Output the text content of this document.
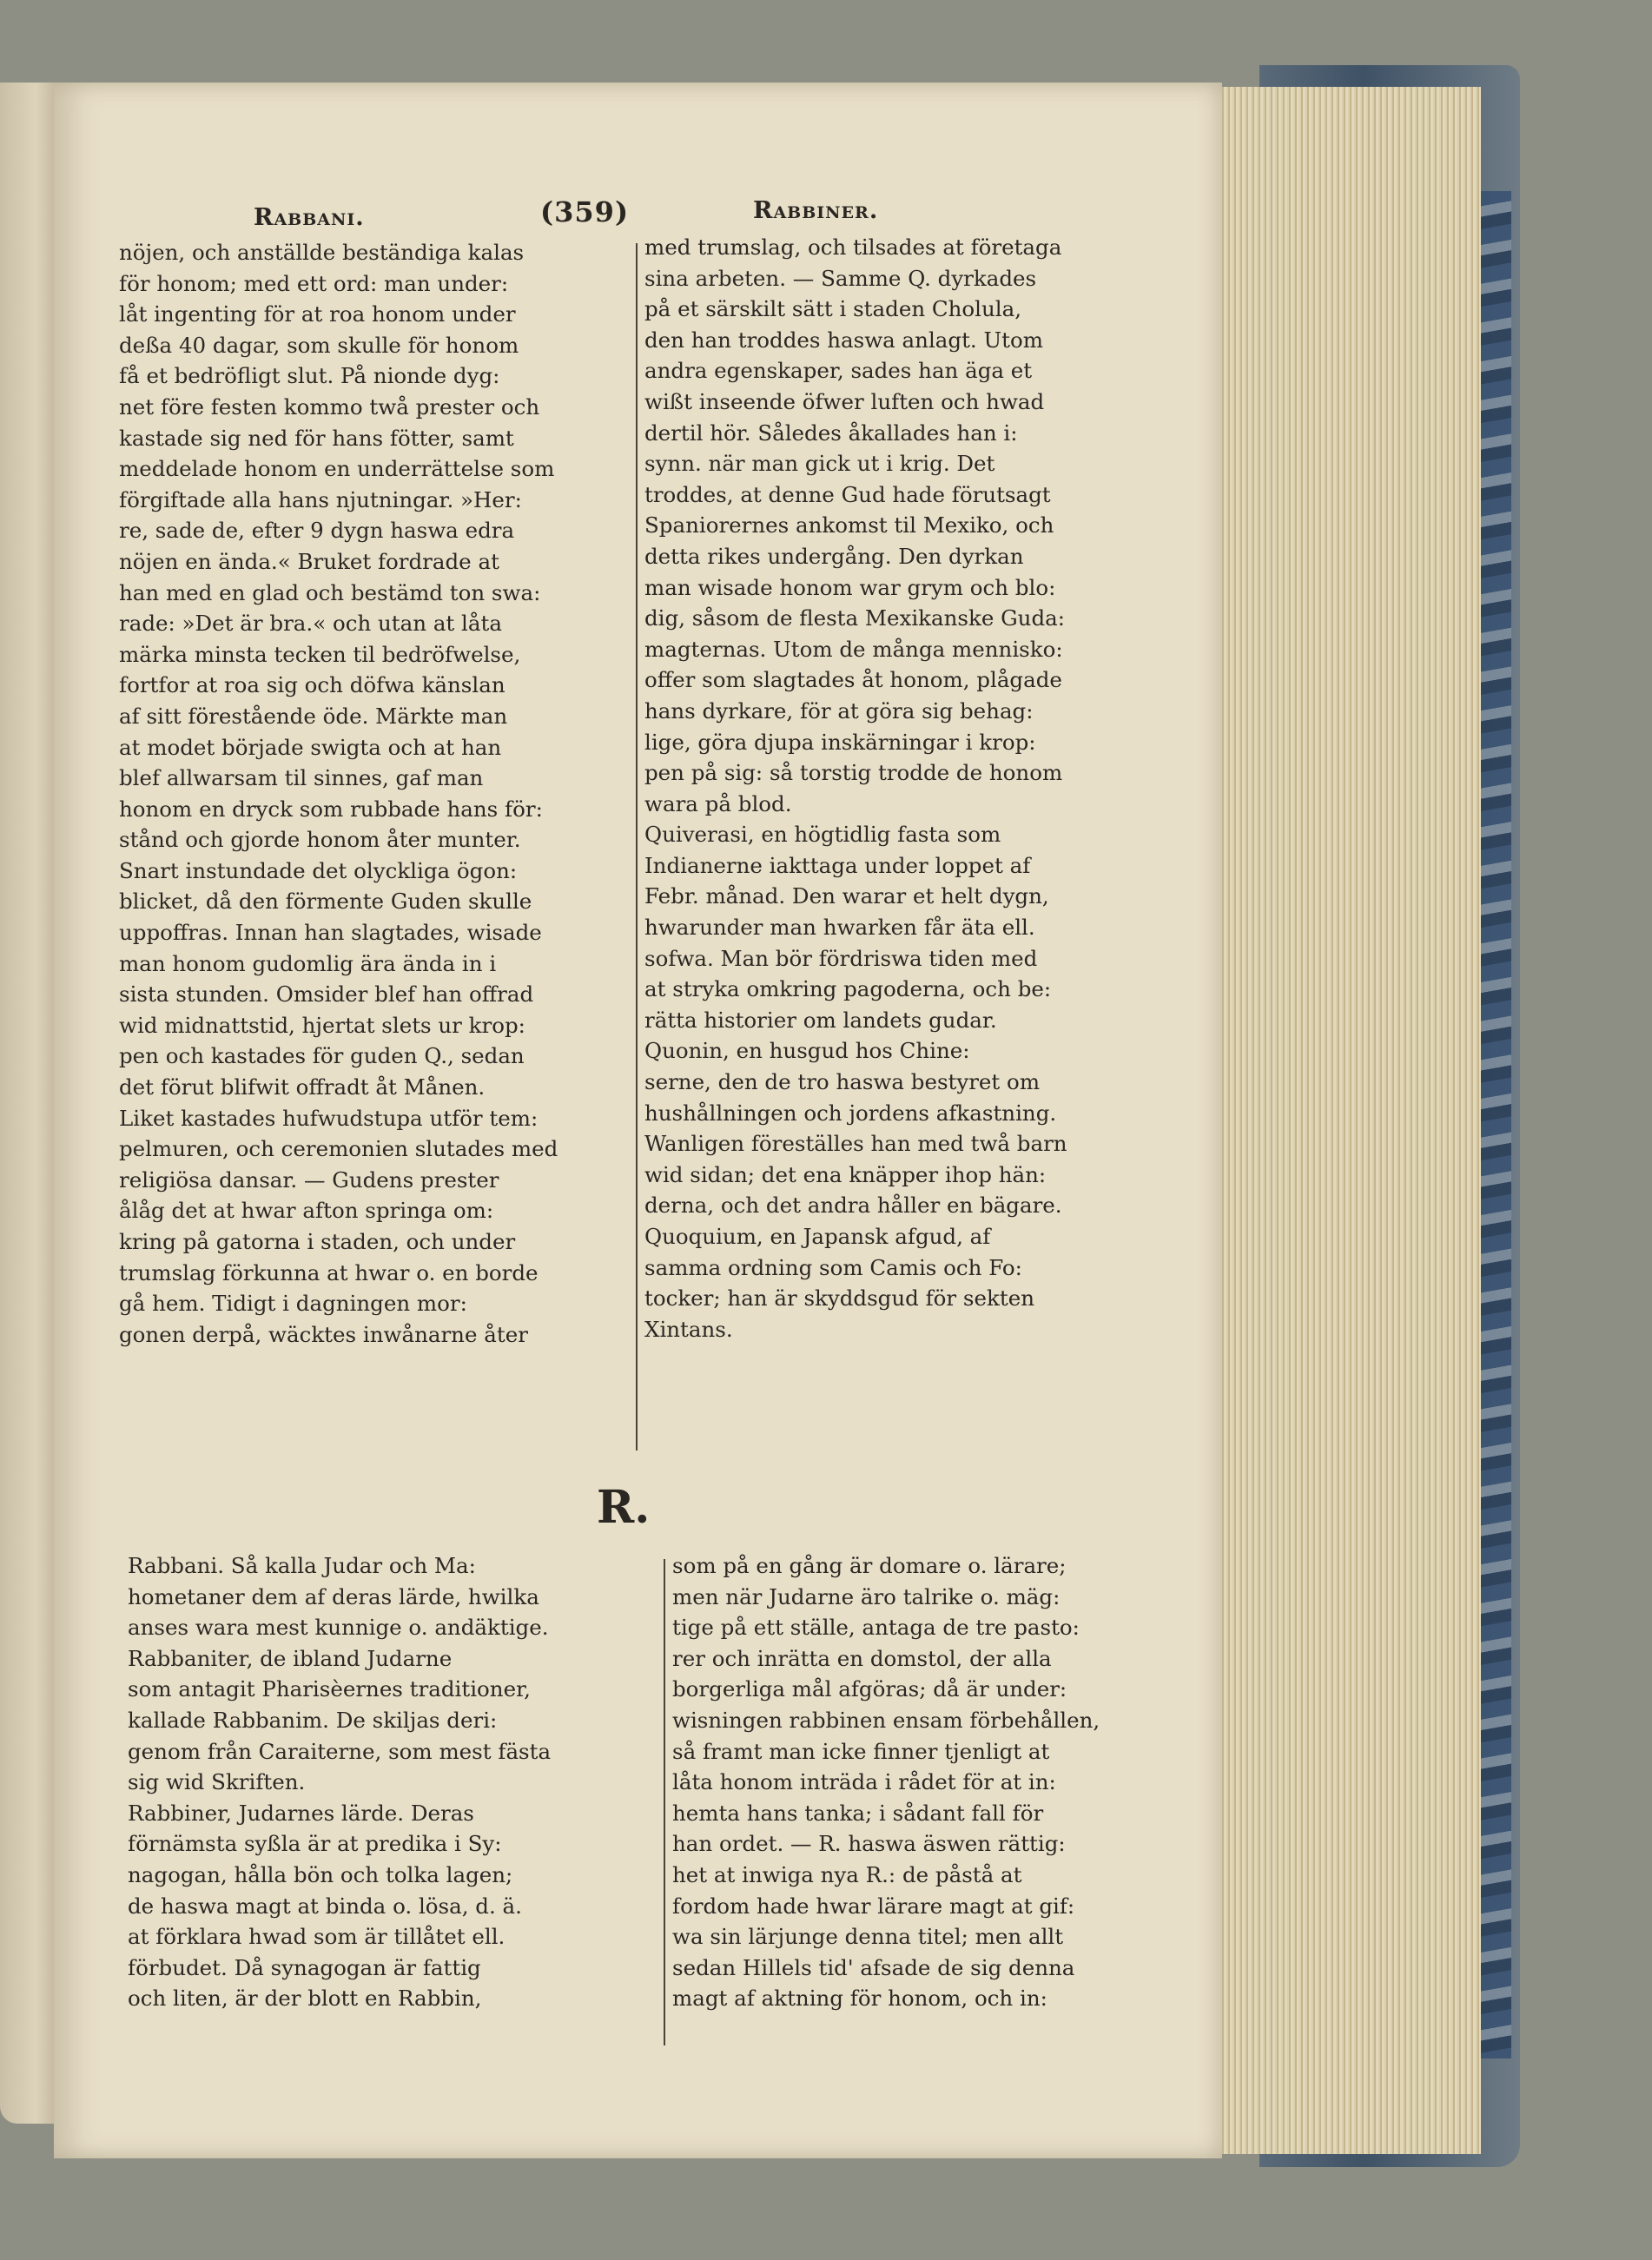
Rabbani.	(359)	Rabbiner.
nöjen, och anställde beständiga kalas
för honom; med ett ord: man under:
låt ingenting för at roa honom under
deßa 40 dagar, som skulle för honom
få et bedröfligt slut. På nionde dyg:
net före festen kommo twå prester och
kastade sig ned för hans fötter, samt
meddelade honom en underrättelse som
förgiftade alla hans njutningar. »Her:
re, sade de, efter 9 dygn haswa edra
nöjen en ända.« Bruket fordrade at
han med en glad och bestämd ton swa:
rade: »Det är bra.« och utan at låta
märka minsta tecken til bedröfwelse,
fortfor at roa sig och döfwa känslan
af sitt förestående öde. Märkte man
at modet började swigta och at han
blef allwarsam til sinnes, gaf man
honom en dryck som rubbade hans för:
stånd och gjorde honom åter munter.
Snart instundade det olyckliga ögon:
blicket, då den förmente Guden skulle
uppoffras. Innan han slagtades, wisade
man honom gudomlig ära ända in i
sista stunden. Omsider blef han offrad
wid midnattstid, hjertat slets ur krop:
pen och kastades för guden Q., sedan
det förut blifwit offradt åt Månen.
Liket kastades hufwudstupa utför tem:
pelmuren, och ceremonien slutades med
religiösa dansar. — Gudens prester
ålåg det at hwar afton springa om:
kring på gatorna i staden, och under
trumslag förkunna at hwar o. en borde
gå hem. Tidigt i dagningen mor:
gonen derpå, wäcktes inwånarne åter
med trumslag, och tilsades at företaga
sina arbeten. — Samme Q. dyrkades
på et särskilt sätt i staden Cholula,
den han troddes haswa anlagt. Utom
andra egenskaper, sades han äga et
wißt inseende öfwer luften och hwad
dertil hör. Således åkallades han i:
synn. när man gick ut i krig. Det
troddes, at denne Gud hade förutsagt
Spaniorernes ankomst til Mexiko, och
detta rikes undergång. Den dyrkan
man wisade honom war grym och blo:
dig, såsom de flesta Mexikanske Guda:
magternas. Utom de många mennisko:
offer som slagtades åt honom, plågade
hans dyrkare, för at göra sig behag:
lige, göra djupa inskärningar i krop:
pen på sig: så torstig trodde de honom
wara på blod.
Quiverasi, en högtidlig fasta som
Indianerne iakttaga under loppet af
Febr. månad. Den warar et helt dygn,
hwarunder man hwarken får äta ell.
sofwa. Man bör fördriswa tiden med
at stryka omkring pagoderna, och be:
rätta historier om landets gudar.
Quonin, en husgud hos Chine:
serne, den de tro haswa bestyret om
hushållningen och jordens afkastning.
Wanligen föreställes han med twå barn
wid sidan; det ena knäpper ihop hän:
derna, och det andra håller en bägare.
Quoquium, en Japansk afgud, af
samma ordning som Camis och Fo:
tocker; han är skyddsgud för sekten
Xintans.
R.
Rabbani. Så kalla Judar och Ma:
hometaner dem af deras lärde, hwilka
anses wara mest kunnige o. andäktige.
Rabbaniter, de ibland Judarne
som antagit Pharisèernes traditioner,
kallade Rabbanim. De skiljas deri:
genom från Caraiterne, som mest fästa
sig wid Skriften.
Rabbiner, Judarnes lärde. Deras
förnämsta syßla är at predika i Sy:
nagogan, hålla bön och tolka lagen;
de haswa magt at binda o. lösa, d. ä.
at förklara hwad som är tillåtet ell.
förbudet. Då synagogan är fattig
och liten, är der blott en Rabbin,
som på en gång är domare o. lärare;
men när Judarne äro talrike o. mäg:
tige på ett ställe, antaga de tre pasto:
rer och inrätta en domstol, der alla
borgerliga mål afgöras; då är under:
wisningen rabbinen ensam förbehållen,
så framt man icke finner tjenligt at
låta honom inträda i rådet för at in:
hemta hans tanka; i sådant fall för
han ordet. — R. haswa äswen rättig:
het at inwiga nya R.: de påstå at
fordom hade hwar lärare magt at gif:
wa sin lärjunge denna titel; men allt
sedan Hillels tid' afsade de sig denna
magt af aktning för honom, och in:
